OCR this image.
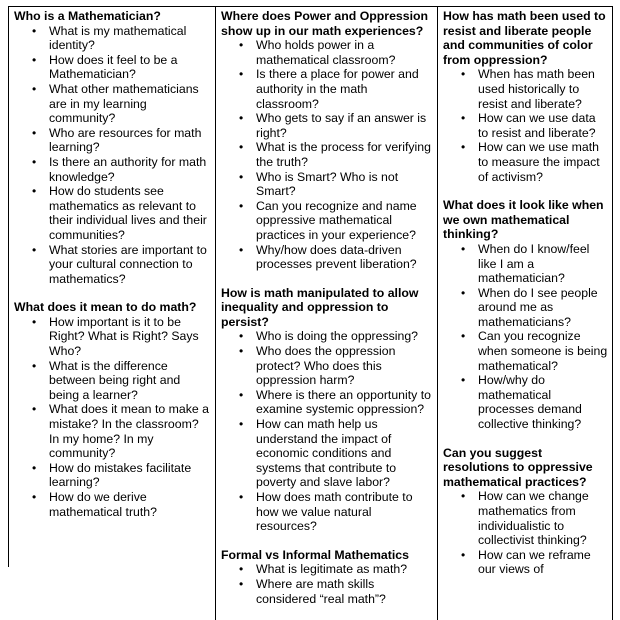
Who is a Mathematician?
• What is my mathematical identity?
• How does it feel to be a Mathematician?
• What other mathematicians are in my learning community?
• Who are resources for math learning?
• Is there an authority for math knowledge?
• How do students see mathematics as relevant to their individual lives and their communities?
• What stories are important to your cultural connection to mathematics?
What does it mean to do math?
• How important is it to be Right? What is Right? Says Who?
• What is the difference between being right and being a learner?
• What does it mean to make a mistake? In the classroom? In my home? In my community?
• How do mistakes facilitate learning?
• How do we derive mathematical truth?
Where does Power and Oppression show up in our math experiences?
• Who holds power in a mathematical classroom?
• Is there a place for power and authority in the math classroom?
• Who gets to say if an answer is right?
• What is the process for verifying the truth?
• Who is Smart? Who is not Smart?
• Can you recognize and name oppressive mathematical practices in your experience?
• Why/how does data-driven processes prevent liberation?
How is math manipulated to allow inequality and oppression to persist?
• Who is doing the oppressing?
• Who does the oppression protect? Who does this oppression harm?
• Where is there an opportunity to examine systemic oppression?
• How can math help us understand the impact of economic conditions and systems that contribute to poverty and slave labor?
• How does math contribute to how we value natural resources?
Formal vs Informal Mathematics
• What is legitimate as math?
• Where are math skills considered “real math”?
How has math been used to resist and liberate people and communities of color from oppression?
• When has math been used historically to resist and liberate?
• How can we use data to resist and liberate?
• How can we use math to measure the impact of activism?
What does it look like when we own mathematical thinking?
• When do I know/feel like I am a mathematician?
• When do I see people around me as mathematicians?
• Can you recognize when someone is being mathematical?
• How/why do mathematical processes demand collective thinking?
Can you suggest resolutions to oppressive mathematical practices?
• How can we change mathematics from individualistic to collectivist thinking?
• How can we reframe our views of
